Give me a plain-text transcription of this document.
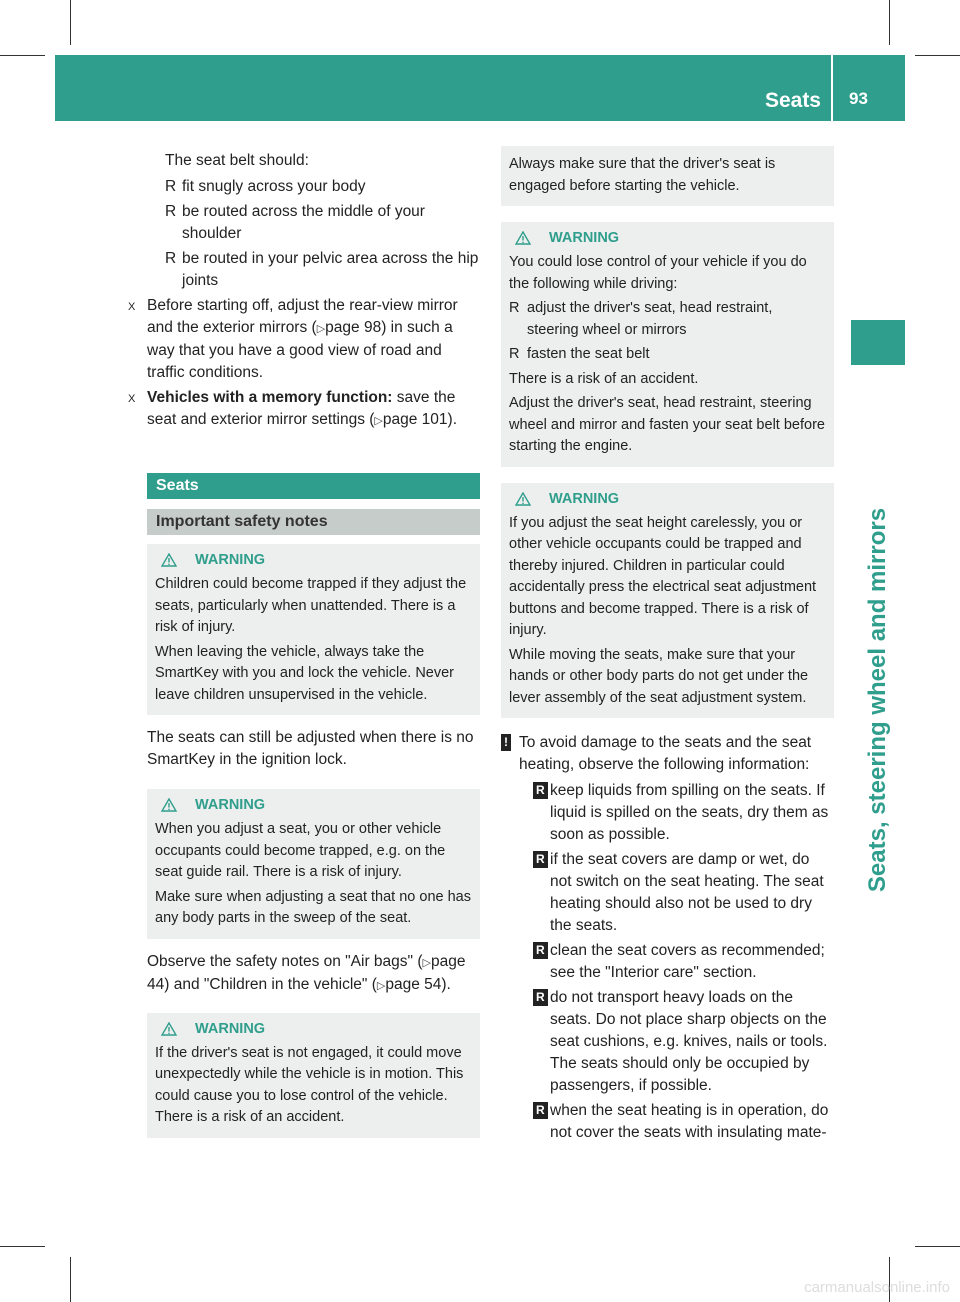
Seats 93
Seats, steering wheel and mirrors

The seat belt should:

R fit snugly across your body
R be routed across the middle of your shoulder
R be routed in your pelvic area across the hip joints
X Before starting off, adjust the rear-view mirror and the exterior mirrors (▷page 98) in such a way that you have a good view of road and traffic conditions.
X Vehicles with a memory function: save the seat and exterior mirror settings (▷page 101).
Seats
Important safety notes
WARNING

Children could become trapped if they adjust the seats, particularly when unattended. There is a risk of injury.

When leaving the vehicle, always take the SmartKey with you and lock the vehicle. Never leave children unsupervised in the vehicle.

The seats can still be adjusted when there is no SmartKey in the ignition lock.

WARNING

When you adjust a seat, you or other vehicle occupants could become trapped, e.g. on the seat guide rail. There is a risk of injury.

Make sure when adjusting a seat that no one has any body parts in the sweep of the seat.

Observe the safety notes on "Air bags" (▷page 44) and "Children in the vehicle" (▷page 54).

WARNING

If the driver's seat is not engaged, it could move unexpectedly while the vehicle is in motion. This could cause you to lose control of the vehicle. There is a risk of an accident.

Always make sure that the driver's seat is engaged before starting the vehicle.

WARNING

You could lose control of your vehicle if you do the following while driving:

R adjust the driver's seat, head restraint, steering wheel or mirrors
R fasten the seat belt

There is a risk of an accident.

Adjust the driver's seat, head restraint, steering wheel and mirror and fasten your seat belt before starting the engine.

WARNING

If you adjust the seat height carelessly, you or other vehicle occupants could be trapped and thereby injured. Children in particular could accidentally press the electrical seat adjustment buttons and become trapped. There is a risk of injury.

While moving the seats, make sure that your hands or other body parts do not get under the lever assembly of the seat adjustment system.

! To avoid damage to the seats and the seat heating, observe the following information:

R keep liquids from spilling on the seats. If liquid is spilled on the seats, dry them as soon as possible.
R if the seat covers are damp or wet, do not switch on the seat heating. The seat heating should also not be used to dry the seats.
R clean the seat covers as recommended; see the "Interior care" section.
R do not transport heavy loads on the seats. Do not place sharp objects on the seat cushions, e.g. knives, nails or tools. The seats should only be occupied by passengers, if possible.
R when the seat heating is in operation, do not cover the seats with insulating mate-
carmanualsonline.info
